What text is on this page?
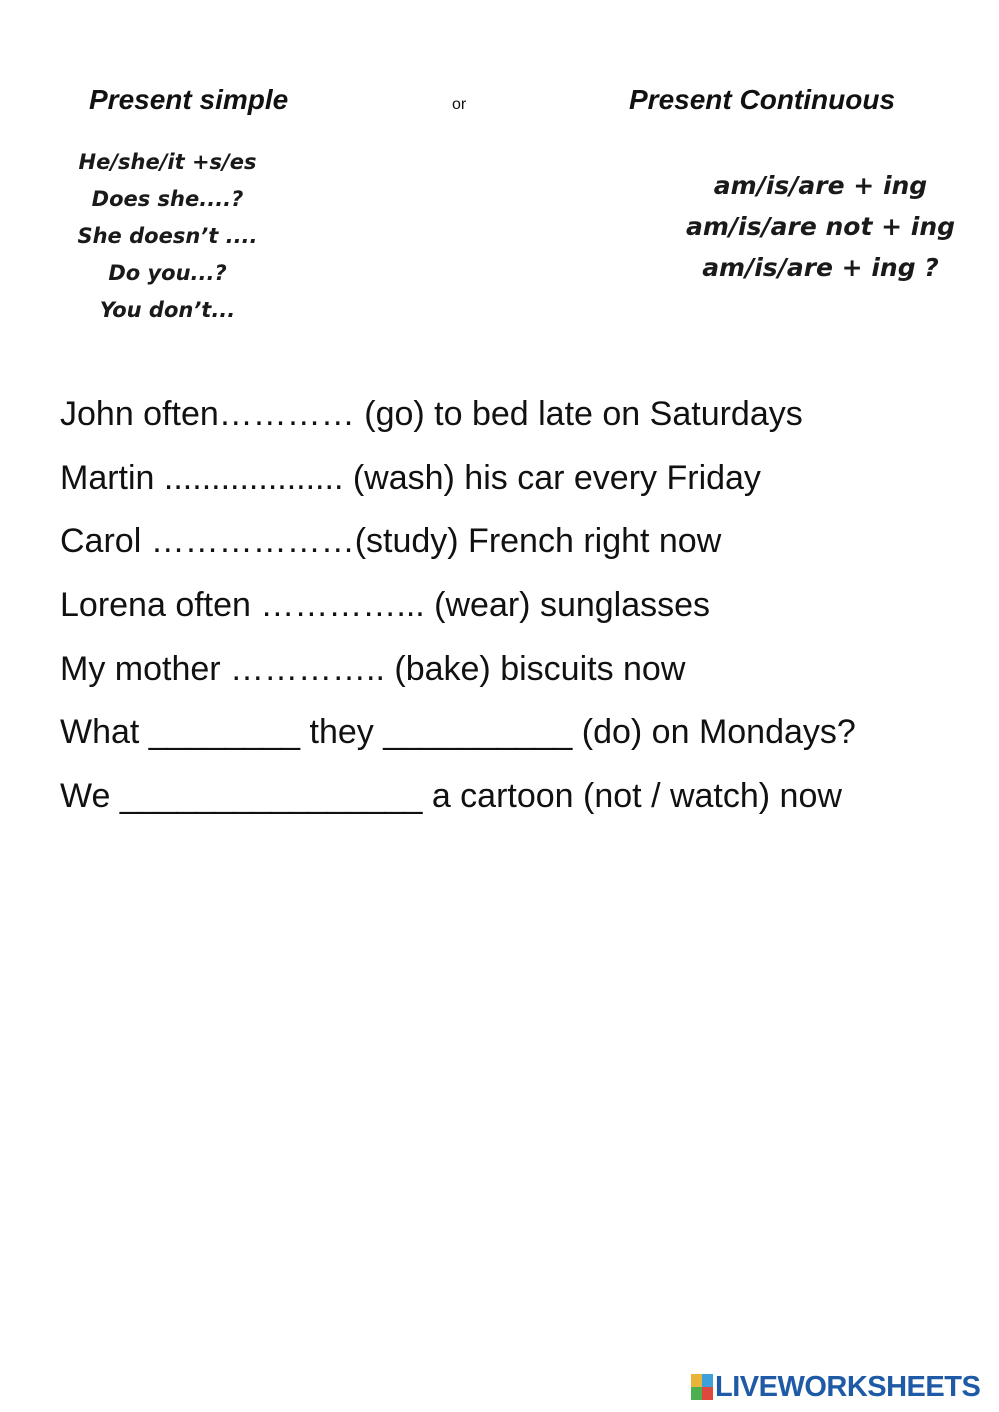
Present simple	or	Present Continuous
He/she/it +s/es
Does she....?
She doesn’t ....
Do you...?
You don’t...
am/is/are + ing
am/is/are not + ing
am/is/are + ing ?
John often………… (go) to bed late on Saturdays
Martin ................... (wash) his car every Friday
Carol ………………(study) French right now
Lorena often …………... (wear) sunglasses
My mother ………….. (bake) biscuits now
What ________ they __________ (do) on Mondays?
We ________________ a cartoon (not / watch) now
LIVEWORKSHEETS
